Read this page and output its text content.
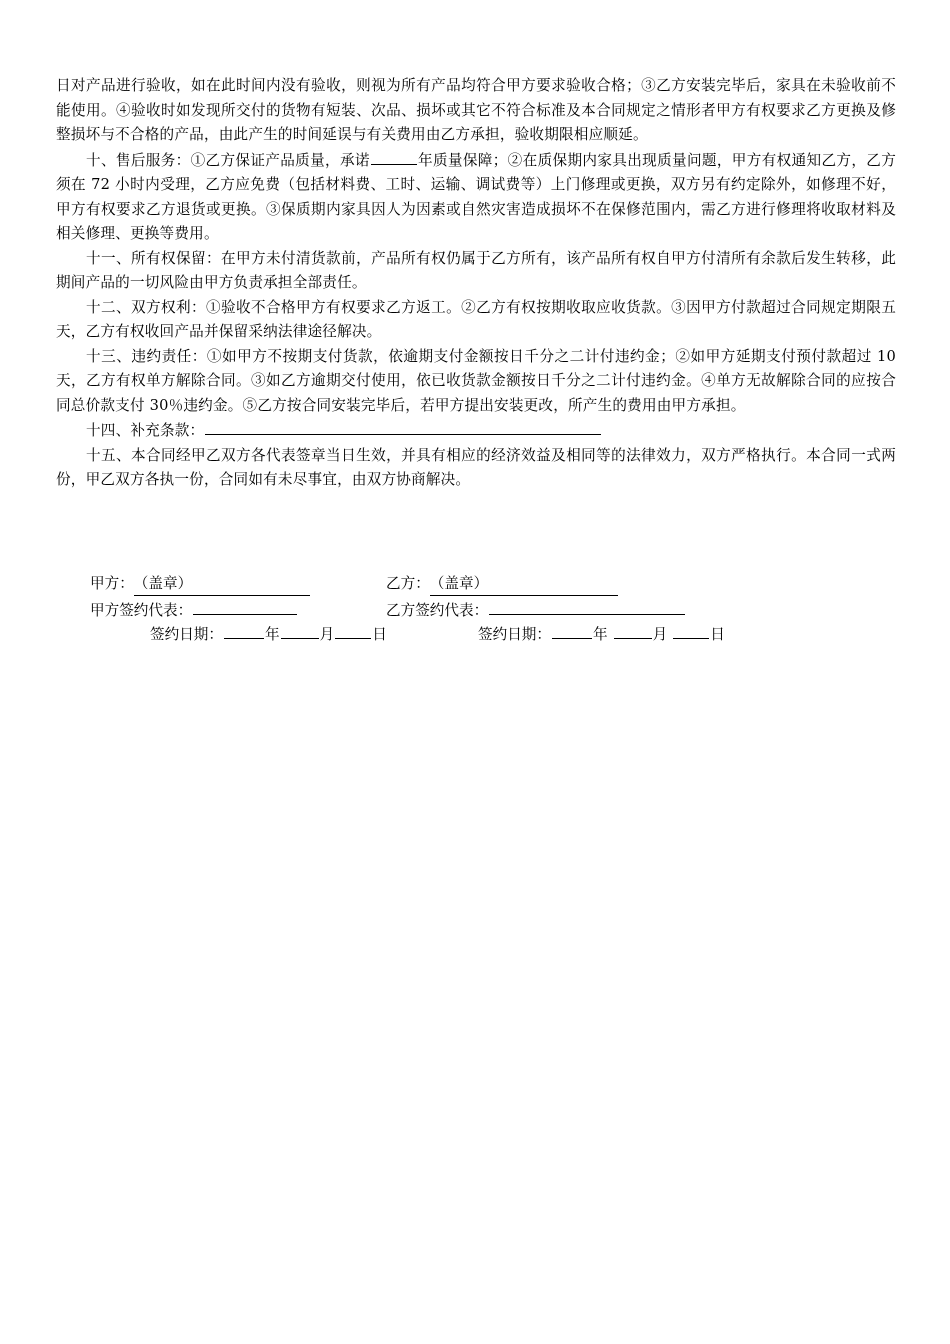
日对产品进行验收，如在此时间内没有验收，则视为所有产品均符合甲方要求验收合格；③乙方安装完毕后，家具在未验收前不能使用。④验收时如发现所交付的货物有短装、次品、损坏或其它不符合标准及本合同规定之情形者甲方有权要求乙方更换及修整损坏与不合格的产品，由此产生的时间延误与有关费用由乙方承担，验收期限相应顺延。

十、售后服务：①乙方保证产品质量，承诺	年质量保障；②在质保期内家具出现质量问题，甲方有权通知乙方，乙方须在 72 小时内受理，乙方应免费（包括材料费、工时、运输、调试费等）上门修理或更换，双方另有约定除外，如修理不好，甲方有权要求乙方退货或更换。③保质期内家具因人为因素或自然灾害造成损坏不在保修范围内，需乙方进行修理将收取材料及相关修理、更换等费用。

十一、所有权保留：在甲方未付清货款前，产品所有权仍属于乙方所有，该产品所有权自甲方付清所有余款后发生转移，此期间产品的一切风险由甲方负责承担全部责任。

十二、双方权利：①验收不合格甲方有权要求乙方返工。②乙方有权按期收取应收货款。③因甲方付款超过合同规定期限五天，乙方有权收回产品并保留采纳法律途径解决。

十三、违约责任：①如甲方不按期支付货款，依逾期支付金额按日千分之二计付违约金；②如甲方延期支付预付款超过 10 天，乙方有权单方解除合同。③如乙方逾期交付使用，依已收货款金额按日千分之二计付违约金。④单方无故解除合同的应按合同总价款支付 30％违约金。⑤乙方按合同安装完毕后，若甲方提出安装更改，所产生的费用由甲方承担。

十四、补充条款：

十五、本合同经甲乙双方各代表签章当日生效，并具有相应的经济效益及相同等的法律效力，双方严格执行。本合同一式两份，甲乙双方各执一份，合同如有未尽事宜，由双方协商解决。

甲方：（盖章）	乙方：（盖章）
甲方签约代表：	乙方签约代表：
签约日期：	年	月	日	签约日期：	年	月	日
